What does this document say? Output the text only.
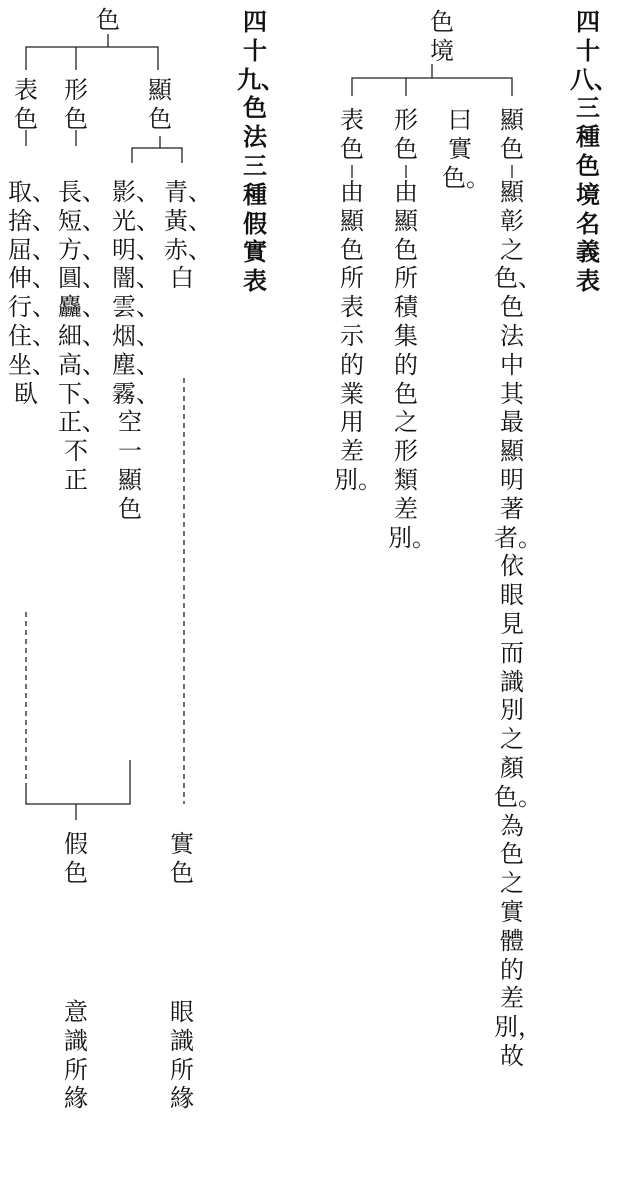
四十八、三種色境名義表
色境
顯色
顯彰之色、色法中其最顯明著者。依眼見而識別之顏色。為色之實體的差別，故
曰實色。
形色
由顯色所積集的色之形類差別。
表色
由顯色所表示的業用差別。
四十九、色法三種假實表
色
顯色
青、黃、赤、白
影、光、明、闇、雲、烟、塵、霧、空一顯色
形色
長、短、方、圓、麤、細、高、下、正、不正
表色
取、捨、屈、伸、行、住、坐、臥
實色
假色
眼識所緣
意識所緣
